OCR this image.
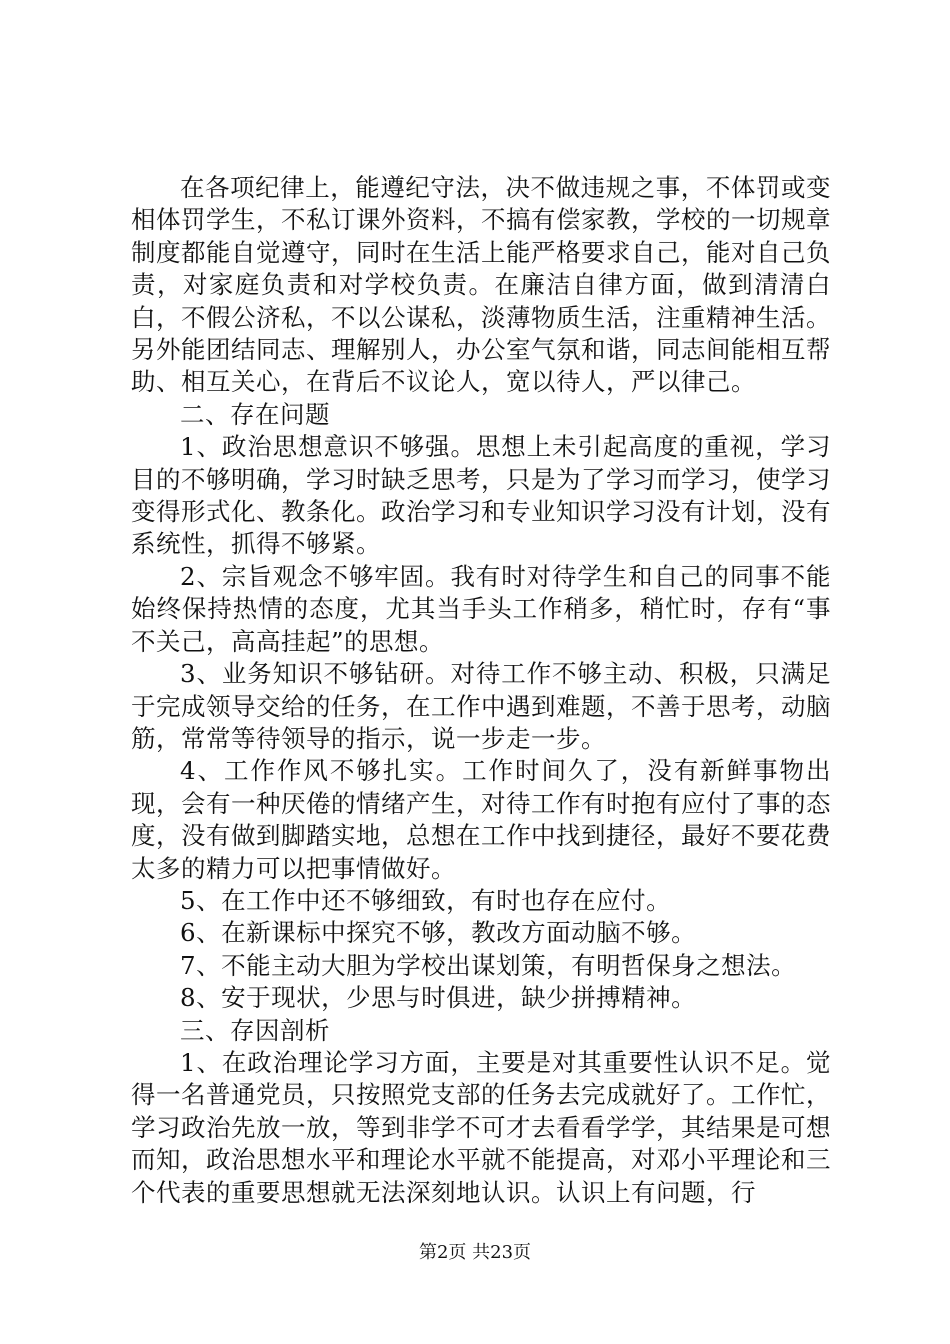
在各项纪律上，能遵纪守法，决不做违规之事，不体罚或变相体罚学生，不私订课外资料，不搞有偿家教，学校的一切规章制度都能自觉遵守，同时在生活上能严格要求自己，能对自己负责，对家庭负责和对学校负责。在廉洁自律方面，做到清清白白，不假公济私，不以公谋私，淡薄物质生活，注重精神生活。另外能团结同志、理解别人，办公室气氛和谐，同志间能相互帮助、相互关心，在背后不议论人，宽以待人，严以律己。

二、存在问题

1、政治思想意识不够强。思想上未引起高度的重视，学习目的不够明确，学习时缺乏思考，只是为了学习而学习，使学习变得形式化、教条化。政治学习和专业知识学习没有计划，没有系统性，抓得不够紧。

2、宗旨观念不够牢固。我有时对待学生和自己的同事不能始终保持热情的态度，尤其当手头工作稍多，稍忙时，存有“事不关己，高高挂起”的思想。

3、业务知识不够钻研。对待工作不够主动、积极，只满足于完成领导交给的任务，在工作中遇到难题，不善于思考，动脑筋，常常等待领导的指示，说一步走一步。

4、工作作风不够扎实。工作时间久了，没有新鲜事物出现，会有一种厌倦的情绪产生，对待工作有时抱有应付了事的态度，没有做到脚踏实地，总想在工作中找到捷径，最好不要花费太多的精力可以把事情做好。

5、在工作中还不够细致，有时也存在应付。

6、在新课标中探究不够，教改方面动脑不够。

7、不能主动大胆为学校出谋划策，有明哲保身之想法。

8、安于现状，少思与时俱进，缺少拼搏精神。

三、存因剖析

1、在政治理论学习方面，主要是对其重要性认识不足。觉得一名普通党员，只按照党支部的任务去完成就好了。工作忙，学习政治先放一放，等到非学不可才去看看学学，其结果是可想而知，政治思想水平和理论水平就不能提高，对邓小平理论和三个代表的重要思想就无法深刻地认识。认识上有问题，行

第2页 共23页
